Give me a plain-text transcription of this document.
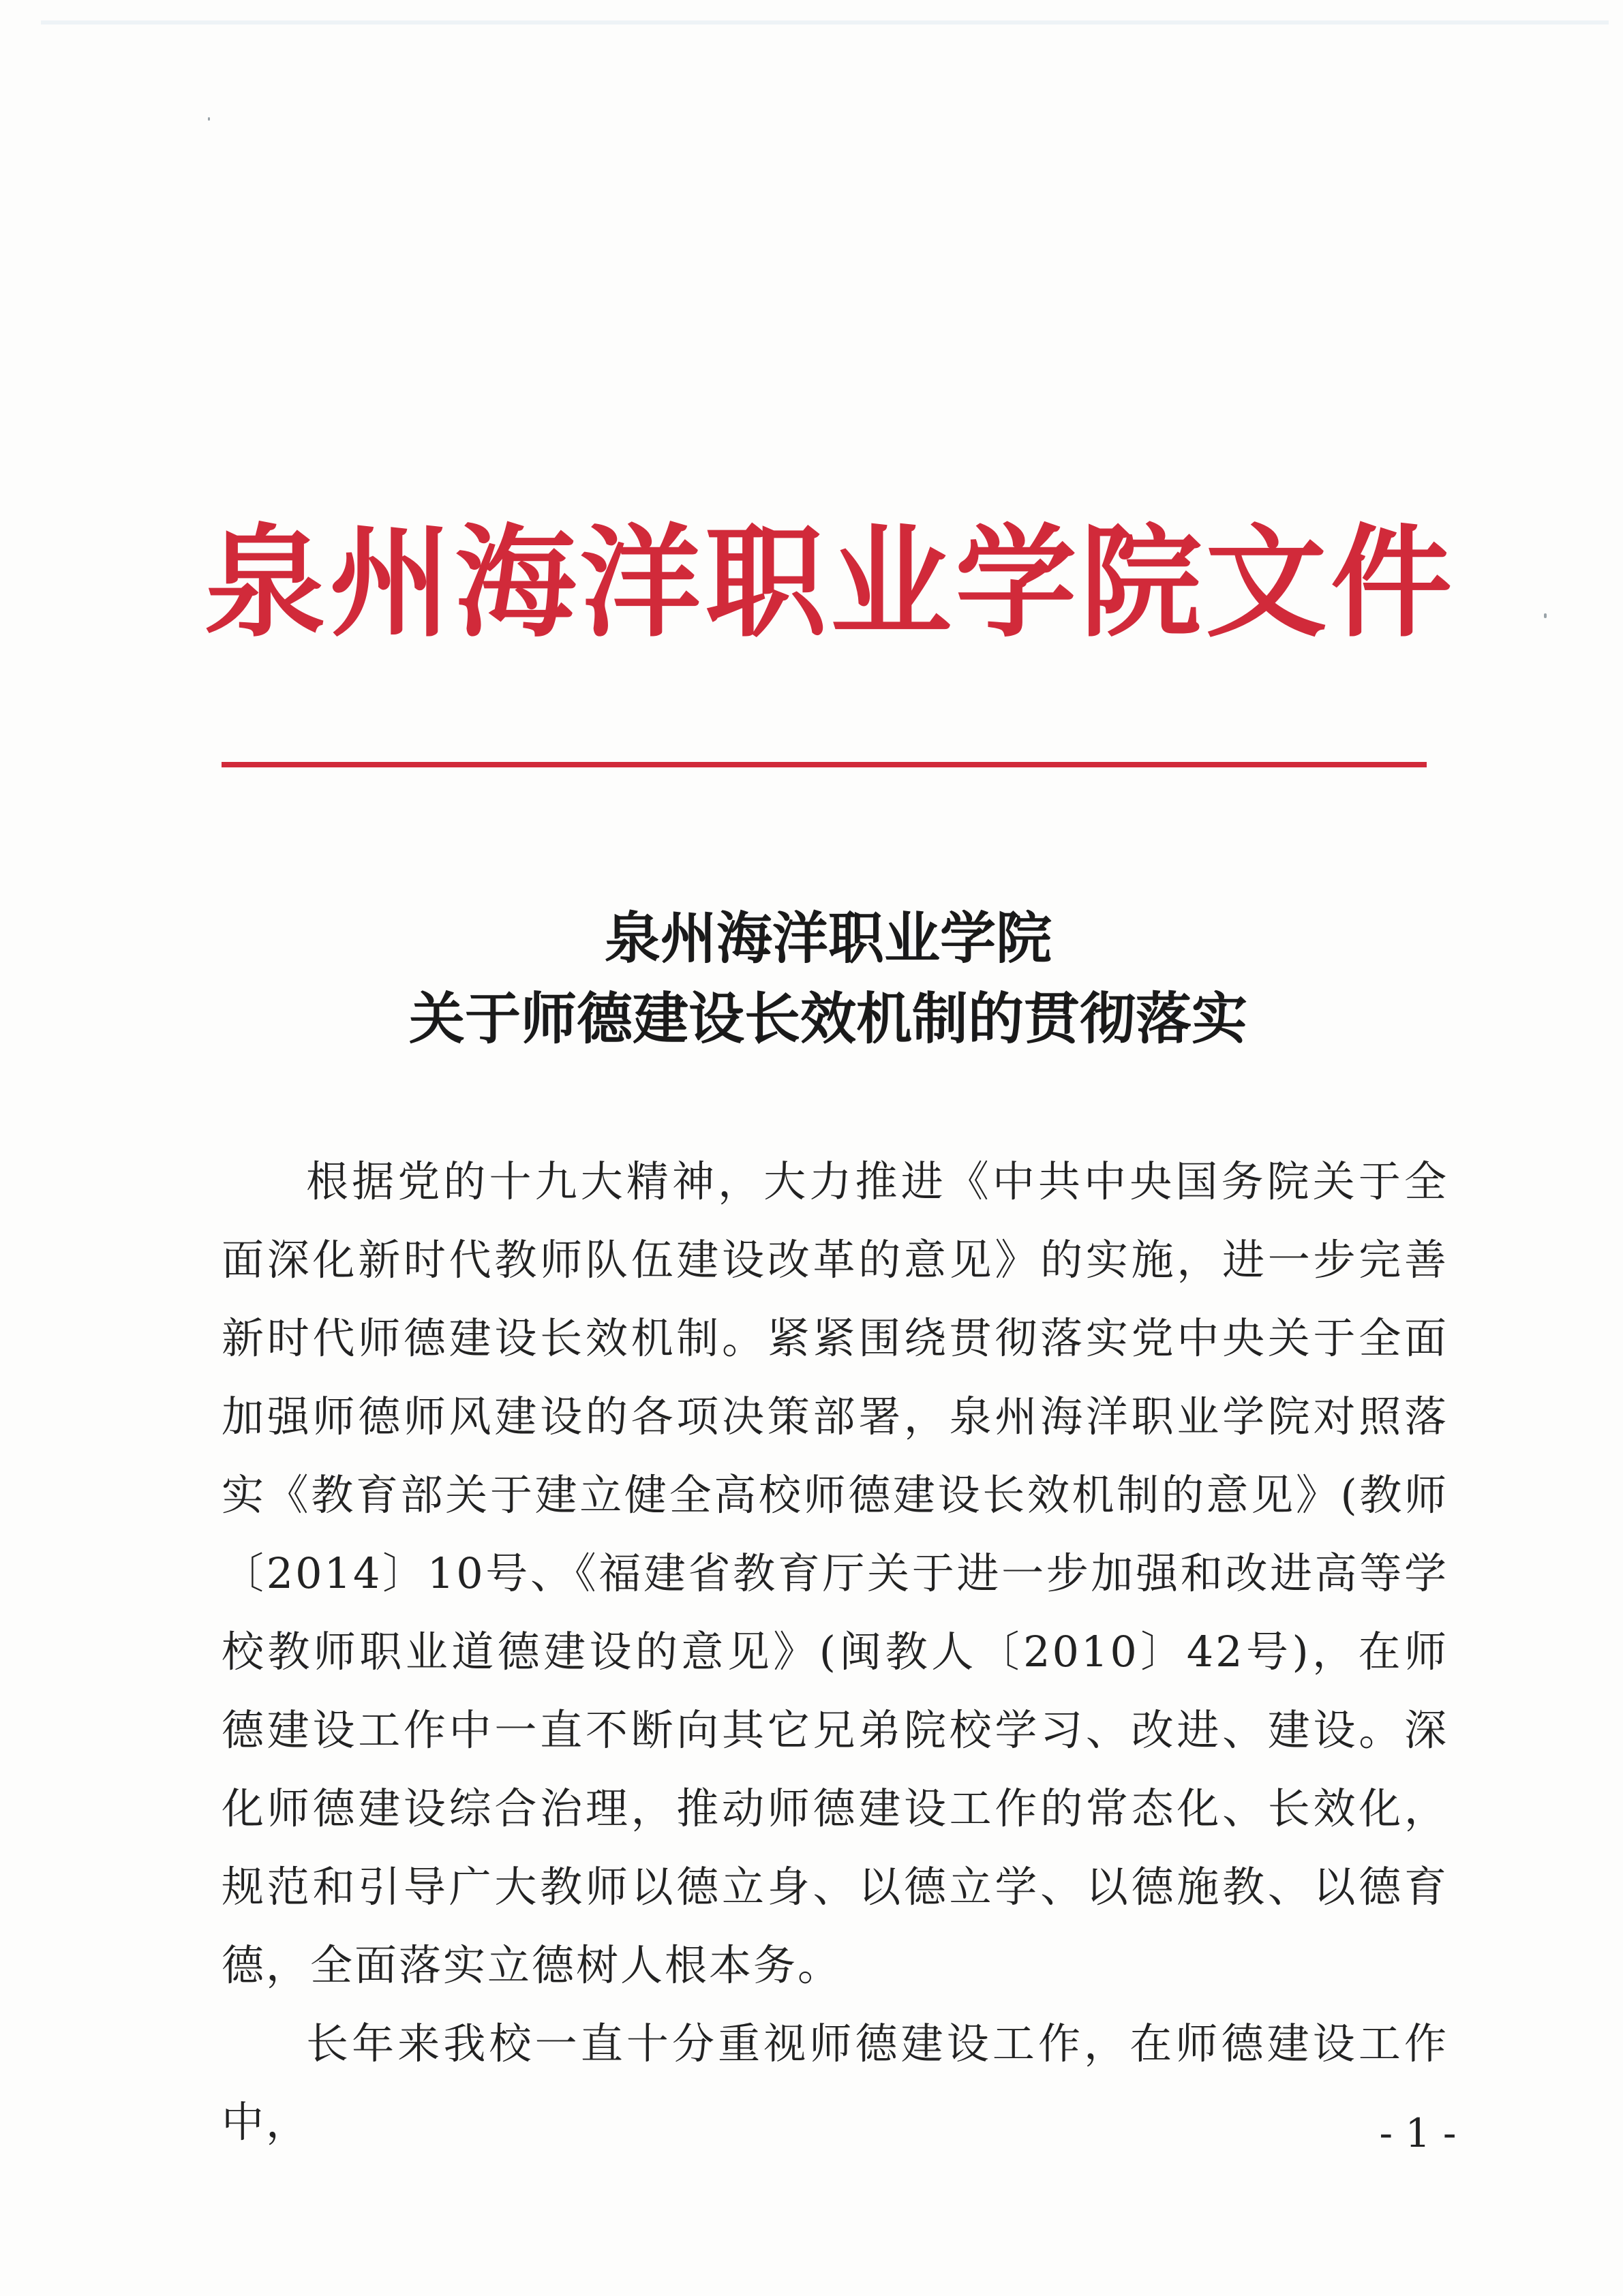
泉州海洋职业学院文件
泉州海洋职业学院
关于师德建设长效机制的贯彻落实

根据党的十九大精神，大力推进《中共中央国务院关于全面深化新时代教师队伍建设改革的意见》的实施，进一步完善新时代师德建设长效机制。紧紧围绕贯彻落实党中央关于全面加强师德师风建设的各项决策部署，泉州海洋职业学院对照落实《教育部关于建立健全高校师德建设长效机制的意见》(教师〔2014〕10号、《福建省教育厅关于进一步加强和改进高等学校教师职业道德建设的意见》(闽教人〔2010〕42号)，在师德建设工作中一直不断向其它兄弟院校学习、改进、建设。深化师德建设综合治理，推动师德建设工作的常态化、长效化，规范和引导广大教师以德立身、以德立学、以德施教、以德育德，全面落实立德树人根本务。

长年来我校一直十分重视师德建设工作，在师德建设工作中，	- 1 -
